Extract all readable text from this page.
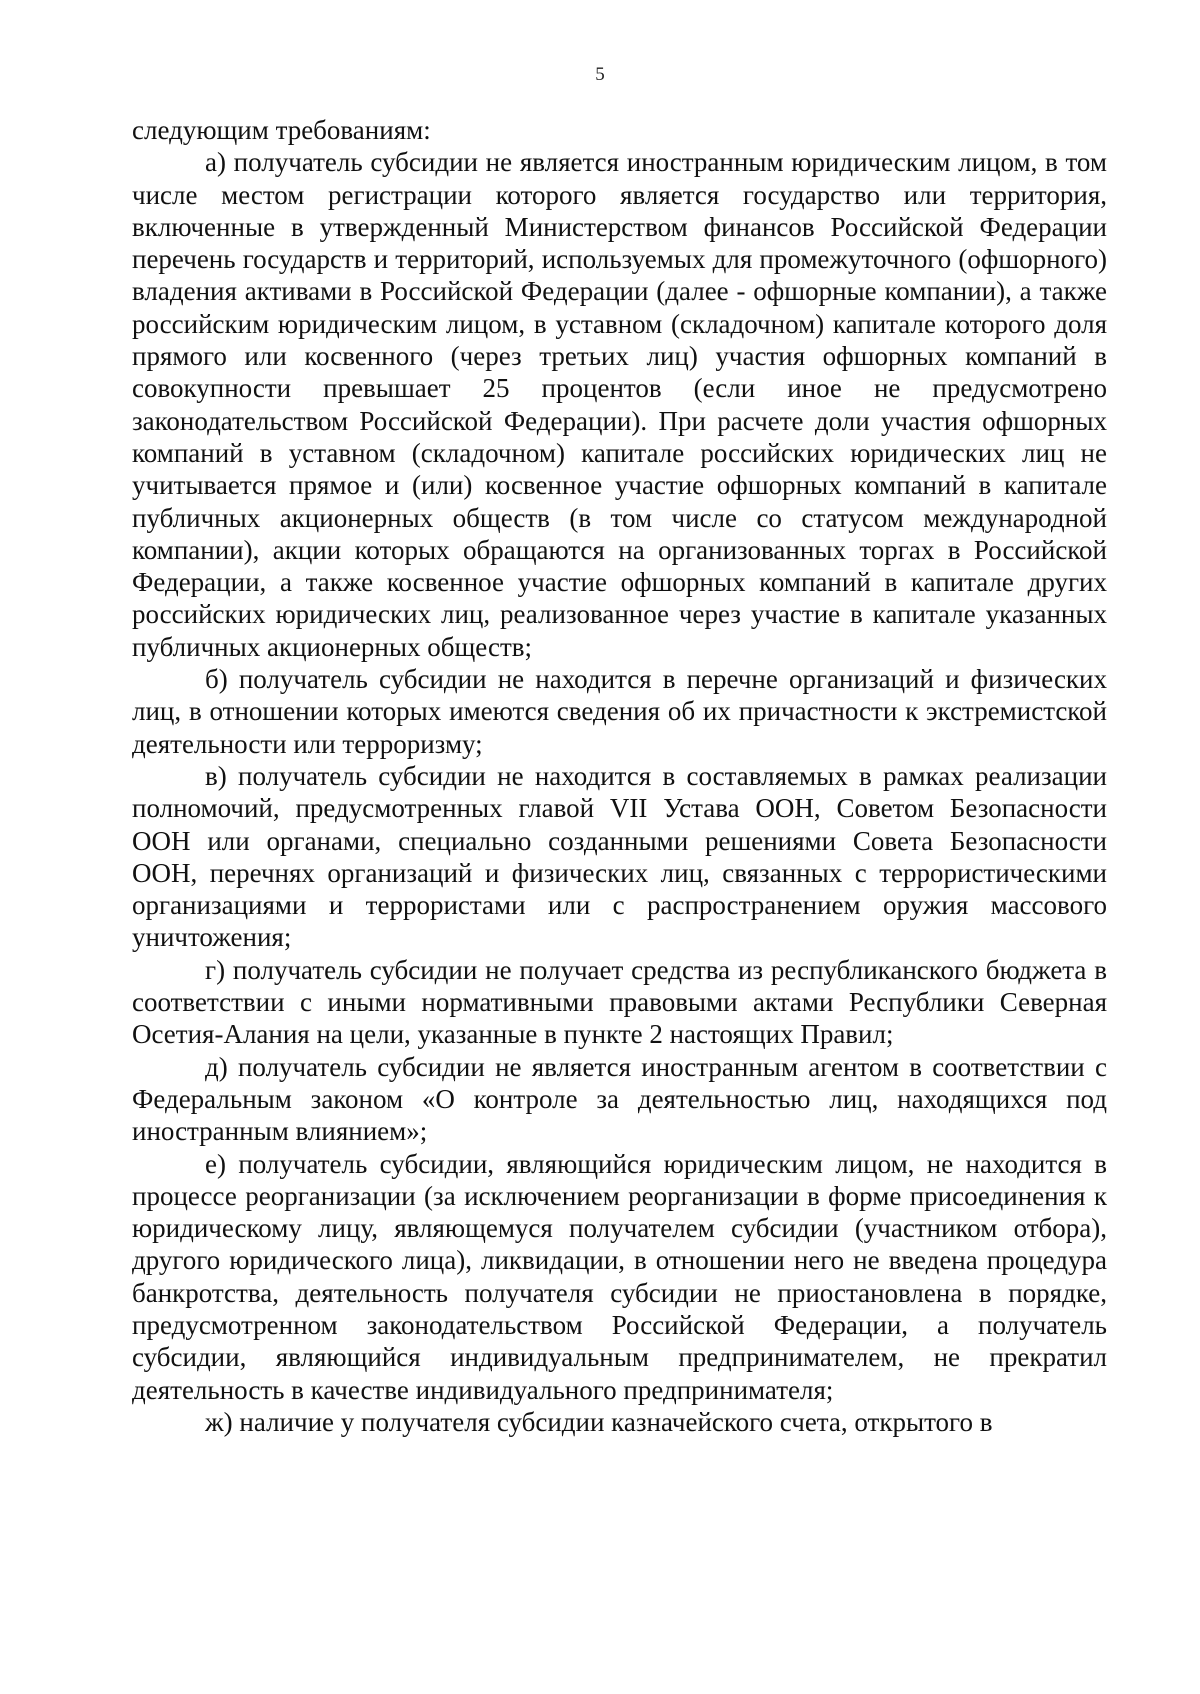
5

следующим требованиям:

а) получатель субсидии не является иностранным юридическим лицом, в том числе местом регистрации которого является государство или территория, включенные в утвержденный Министерством финансов Российской Федерации перечень государств и территорий, используемых для промежуточного (офшорного) владения активами в Российской Федерации (далее - офшорные компании), а также российским юридическим лицом, в уставном (складочном) капитале которого доля прямого или косвенного (через третьих лиц) участия офшорных компаний в совокупности превышает 25 процентов (если иное не предусмотрено законодательством Российской Федерации). При расчете доли участия офшорных компаний в уставном (складочном) капитале российских юридических лиц не учитывается прямое и (или) косвенное участие офшорных компаний в капитале публичных акционерных обществ (в том числе со статусом международной компании), акции которых обращаются на организованных торгах в Российской Федерации, а также косвенное участие офшорных компаний в капитале других российских юридических лиц, реализованное через участие в капитале указанных публичных акционерных обществ;

б) получатель субсидии не находится в перечне организаций и физических лиц, в отношении которых имеются сведения об их причастности к экстремистской деятельности или терроризму;

в) получатель субсидии не находится в составляемых в рамках реализации полномочий, предусмотренных главой VII Устава ООН, Советом Безопасности ООН или органами, специально созданными решениями Совета Безопасности ООН, перечнях организаций и физических лиц, связанных с террористическими организациями и террористами или с распространением оружия массового уничтожения;

г) получатель субсидии не получает средства из республиканского бюджета в соответствии с иными нормативными правовыми актами Республики Северная Осетия-Алания на цели, указанные в пункте 2 настоящих Правил;

д) получатель субсидии не является иностранным агентом в соответствии с Федеральным законом «О контроле за деятельностью лиц, находящихся под иностранным влиянием»;

е) получатель субсидии, являющийся юридическим лицом, не находится в процессе реорганизации (за исключением реорганизации в форме присоединения к юридическому лицу, являющемуся получателем субсидии (участником отбора), другого юридического лица), ликвидации, в отношении него не введена процедура банкротства, деятельность получателя субсидии не приостановлена в порядке, предусмотренном законодательством Российской Федерации, а получатель субсидии, являющийся индивидуальным предпринимателем, не прекратил деятельность в качестве индивидуального предпринимателя;

ж) наличие у получателя субсидии казначейского счета, открытого в
